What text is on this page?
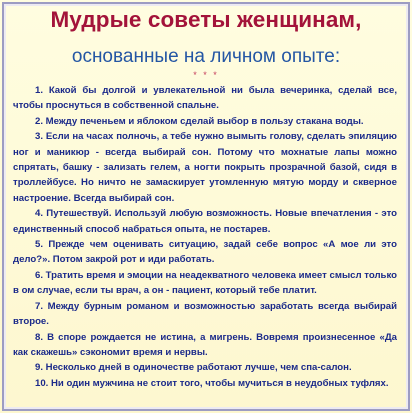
Мудрые советы женщинам,
основанные на личном опыте:
* * *

1. Какой бы долгой и увлекательной ни была вечеринка, сделай все, чтобы проснуться в собственной спальне.

2. Между печеньем и яблоком сделай выбор в пользу стакана воды.

3. Если на часах полночь, а тебе нужно вымыть голову, сделать эпиляцию ног и маникюр - всегда выбирай сон. Потому что мохнатые лапы можно спрятать, башку - зализать гелем, а ногти покрыть прозрачной базой, сидя в троллейбусе. Но ничто не замаскирует утомленную мятую морду и скверное настроение. Всегда выбирай сон.

4. Путешествуй. Используй любую возможность. Новые впечатления - это единственный способ набраться опыта, не постарев.

5. Прежде чем оценивать ситуацию, задай себе вопрос «А мое ли это дело?». Потом закрой рот и иди работать.

6. Тратить время и эмоции на неадекватного человека имеет смысл только в ом случае, если ты врач, а он - пациент, который тебе платит.

7. Между бурным романом и возможностью заработать всегда выбирай второе.

8. В споре рождается не истина, а мигрень. Вовремя произнесенное «Да как скажешь» сэкономит время и нервы.

9. Несколько дней в одиночестве работают лучше, чем спа-салон.

10. Ни один мужчина не стоит того, чтобы мучиться в неудобных туфлях.
